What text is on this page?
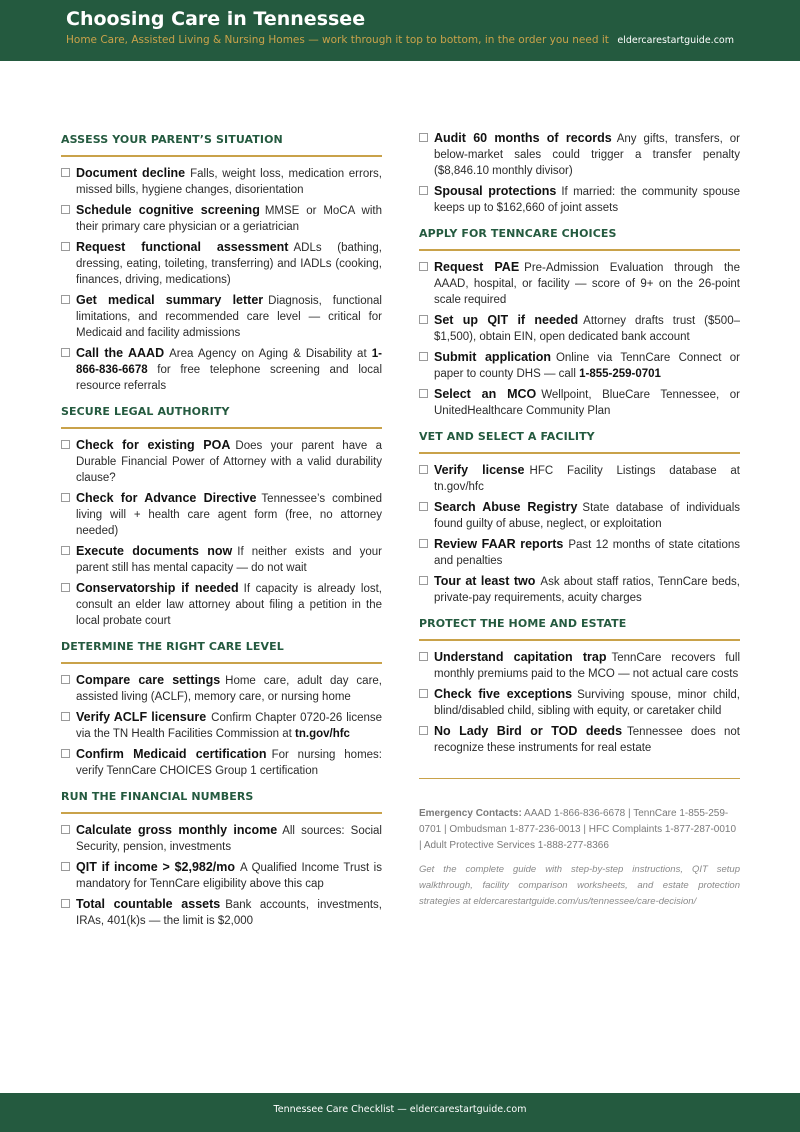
Choosing Care in Tennessee
Home Care, Assisted Living & Nursing Homes — work through it top to bottom, in the order you need it eldercarestartguide.com
ASSESS YOUR PARENT’S SITUATION
Document decline Falls, weight loss, medication errors, missed bills, hygiene changes, disorientation
Schedule cognitive screening MMSE or MoCA with their primary care physician or a geriatrician
Request functional assessment ADLs (bathing, dressing, eating, toileting, transferring) and IADLs (cooking, finances, driving, medications)
Get medical summary letter Diagnosis, functional limitations, and recommended care level — critical for Medicaid and facility admissions
Call the AAAD Area Agency on Aging & Disability at 1-866-836-6678 for free telephone screening and local resource referrals
SECURE LEGAL AUTHORITY
Check for existing POA Does your parent have a Durable Financial Power of Attorney with a valid durability clause?
Check for Advance Directive Tennessee’s combined living will + health care agent form (free, no attorney needed)
Execute documents now If neither exists and your parent still has mental capacity — do not wait
Conservatorship if needed If capacity is already lost, consult an elder law attorney about filing a petition in the local probate court
DETERMINE THE RIGHT CARE LEVEL
Compare care settings Home care, adult day care, assisted living (ACLF), memory care, or nursing home
Verify ACLF licensure Confirm Chapter 0720-26 license via the TN Health Facilities Commission at tn.gov/hfc
Confirm Medicaid certification For nursing homes: verify TennCare CHOICES Group 1 certification
RUN THE FINANCIAL NUMBERS
Calculate gross monthly income All sources: Social Security, pension, investments
QIT if income > $2,982/mo A Qualified Income Trust is mandatory for TennCare eligibility above this cap
Total countable assets Bank accounts, investments, IRAs, 401(k)s — the limit is $2,000
Audit 60 months of records Any gifts, transfers, or below-market sales could trigger a transfer penalty ($8,846.10 monthly divisor)
Spousal protections If married: the community spouse keeps up to $162,660 of joint assets
APPLY FOR TENNCARE CHOICES
Request PAE Pre-Admission Evaluation through the AAAD, hospital, or facility — score of 9+ on the 26-point scale required
Set up QIT if needed Attorney drafts trust ($500–$1,500), obtain EIN, open dedicated bank account
Submit application Online via TennCare Connect or paper to county DHS — call 1-855-259-0701
Select an MCO Wellpoint, BlueCare Tennessee, or UnitedHealthcare Community Plan
VET AND SELECT A FACILITY
Verify license HFC Facility Listings database at tn.gov/hfc
Search Abuse Registry State database of individuals found guilty of abuse, neglect, or exploitation
Review FAAR reports Past 12 months of state citations and penalties
Tour at least two Ask about staff ratios, TennCare beds, private-pay requirements, acuity charges
PROTECT THE HOME AND ESTATE
Understand capitation trap TennCare recovers full monthly premiums paid to the MCO — not actual care costs
Check five exceptions Surviving spouse, minor child, blind/disabled child, sibling with equity, or caretaker child
No Lady Bird or TOD deeds Tennessee does not recognize these instruments for real estate
Emergency Contacts: AAAD 1-866-836-6678 | TennCare 1-855-259-0701 | Ombudsman 1-877-236-0013 | HFC Complaints 1-877-287-0010 | Adult Protective Services 1-888-277-8366
Get the complete guide with step-by-step instructions, QIT setup walkthrough, facility comparison worksheets, and estate protection strategies at eldercarestartguide.com/us/tennessee/care-decision/
Tennessee Care Checklist — eldercarestartguide.com
